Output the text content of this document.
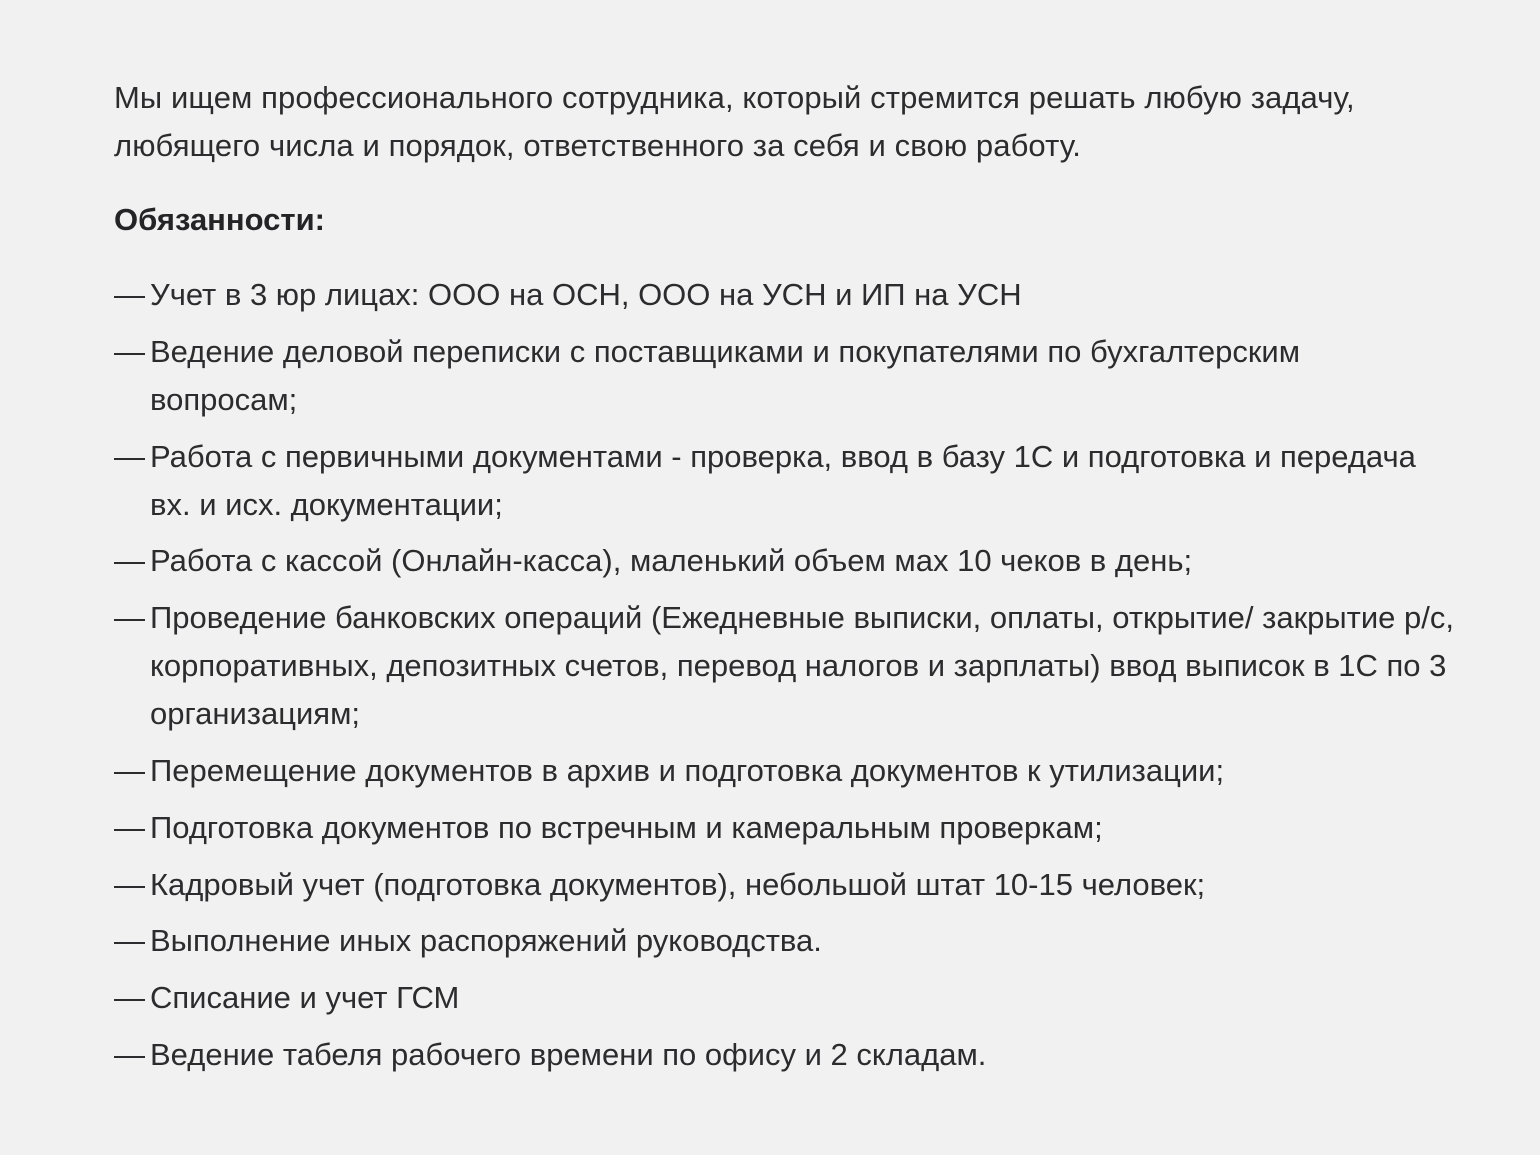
Мы ищем профессионального сотрудника, который стремится решать любую задачу, любящего числа и порядок, ответственного за себя и свою работу.

Обязанности:
— Учет в 3 юр лицах: ООО на ОСН, ООО на УСН и ИП на УСН
— Ведение деловой переписки с поставщиками и покупателями по бухгалтерским вопросам;
— Работа с первичными документами - проверка, ввод в базу 1С и подготовка и передача вх. и исх. документации;
— Работа с кассой (Онлайн-касса), маленький объем мах 10 чеков в день;
— Проведение банковских операций (Ежедневные выписки, оплаты, открытие/ закрытие р/с, корпоративных, депозитных счетов, перевод налогов и зарплаты) ввод выписок в 1С по 3 организациям;
— Перемещение документов в архив и подготовка документов к утилизации;
— Подготовка документов по встречным и камеральным проверкам;
— Кадровый учет (подготовка документов), небольшой штат 10-15 человек;
— Выполнение иных распоряжений руководства.
— Списание и учет ГСМ
— Ведение табеля рабочего времени по офису и 2 складам.
